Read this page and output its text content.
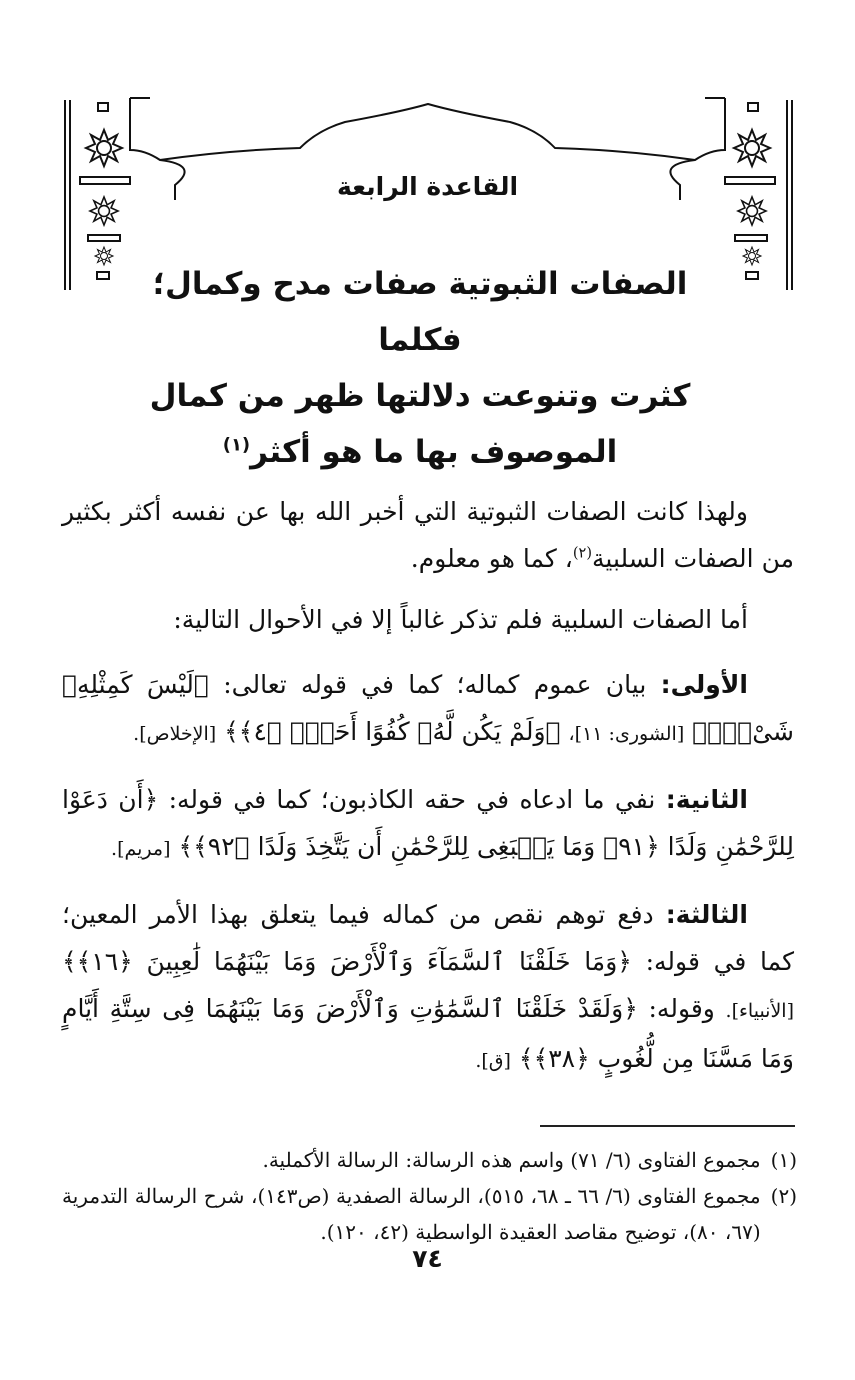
القاعدة الرابعة
الصفات الثبوتية صفات مدح وكمال؛ فكلما
كثرت وتنوعت دلالتها ظهر من كمال
الموصوف بها ما هو أكثر$^{(١)}$

ولهذا كانت الصفات الثبوتية التي أخبر الله بها عن نفسه أكثر بكثير من الصفات السلبية$^{(٢)}$، كما هو معلوم.

أما الصفات السلبية فلم تذكر غالباً إلا في الأحوال التالية:

الأولى: بيان عموم كماله؛ كما في قوله تعالى: ﴿لَيْسَ كَمِثْلِهِۦ شَىْءٌۖ﴾ [الشورى: ١١]، ﴿وَلَمْ يَكُن لَّهُۥ كُفُوًا أَحَدٌۢ ﴿٤﴾﴾ [الإخلاص].

الثانية: نفي ما ادعاه في حقه الكاذبون؛ كما في قوله: ﴿أَن دَعَوْا لِلرَّحْمَٰنِ وَلَدًا ﴿٩١﴾ وَمَا يَنۢبَغِى لِلرَّحْمَٰنِ أَن يَتَّخِذَ وَلَدًا ﴿٩٢﴾﴾ [مريم].

الثالثة: دفع توهم نقص من كماله فيما يتعلق بهذا الأمر المعين؛ كما في قوله: ﴿وَمَا خَلَقْنَا ٱلسَّمَآءَ وَٱلْأَرْضَ وَمَا بَيْنَهُمَا لَٰعِبِينَ ﴿١٦﴾﴾ [الأنبياء]. وقوله: ﴿وَلَقَدْ خَلَقْنَا ٱلسَّمَٰوَٰتِ وَٱلْأَرْضَ وَمَا بَيْنَهُمَا فِى سِتَّةِ أَيَّامٍ وَمَا مَسَّنَا مِن لُّغُوبٍ ﴿٣٨﴾﴾ [ق].

(١)
مجموع الفتاوى (٦/ ٧١) واسم هذه الرسالة: الرسالة الأكملية.
(٢)
مجموع الفتاوى (٦/ ٦٦ ـ ٦٨، ٥١٥)، الرسالة الصفدية (ص١٤٣)، شرح الرسالة التدمرية (٦٧، ٨٠)، توضيح مقاصد العقيدة الواسطية (٤٢، ١٢٠).
٧٤
